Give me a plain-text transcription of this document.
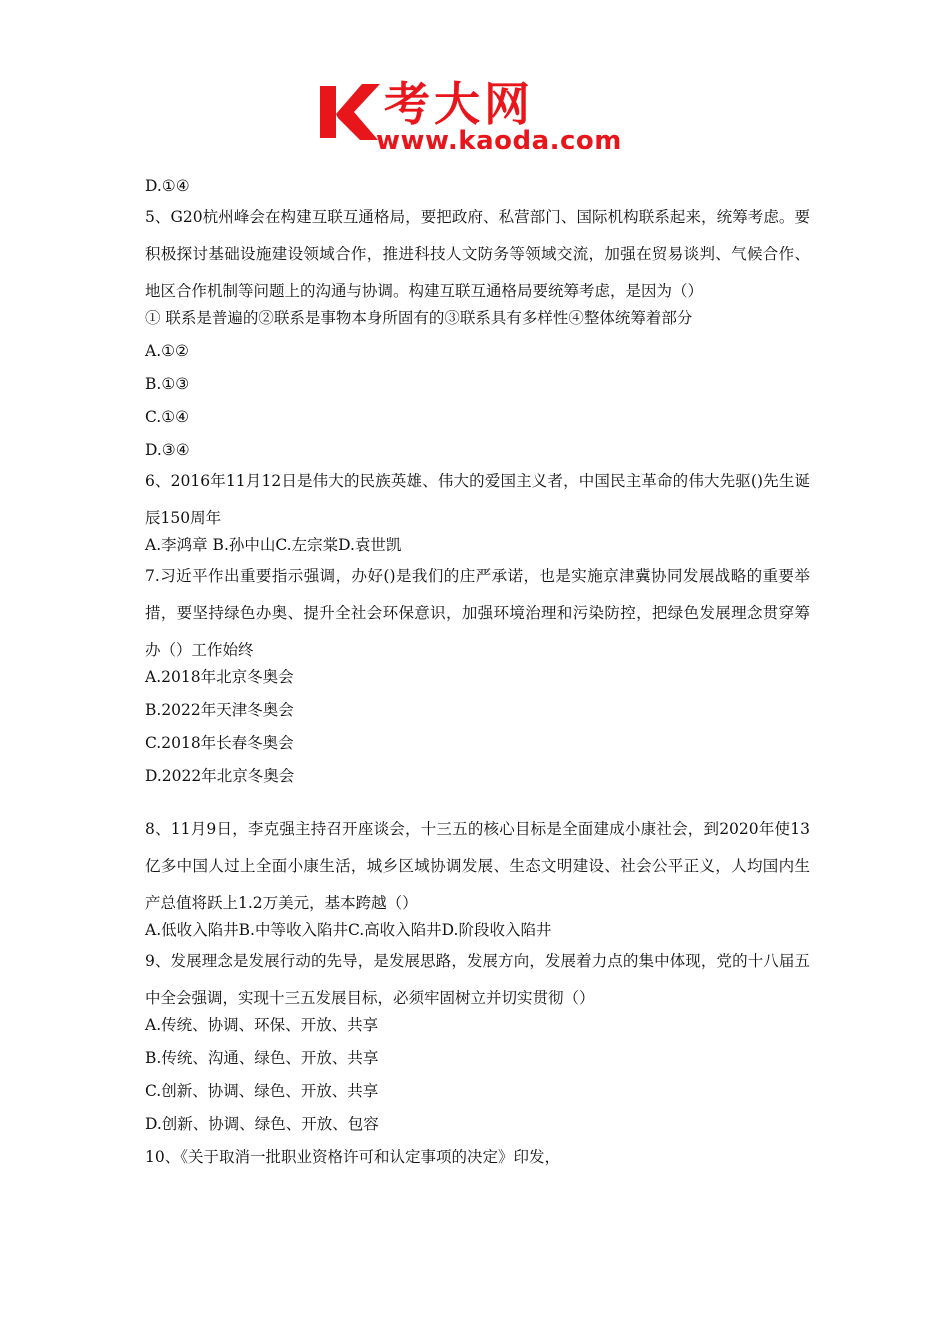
考大网
www.kaoda.com
D.①④
5、G20杭州峰会在构建互联互通格局，要把政府、私营部门、国际机构联系起来，统筹考虑。要积极探讨基础设施建设领域合作，推进科技人文防务等领域交流，加强在贸易谈判、气候合作、地区合作机制等问题上的沟通与协调。构建互联互通格局要统筹考虑，是因为（）
① 联系是普遍的②联系是事物本身所固有的③联系具有多样性④整体统筹着部分
A.①②
B.①③
C.①④
D.③④
6、2016年11月12日是伟大的民族英雄、伟大的爱国主义者，中国民主革命的伟大先驱()先生诞辰150周年
A.李鸿章 B.孙中山C.左宗棠D.袁世凯
7.习近平作出重要指示强调，办好()是我们的庄严承诺，也是实施京津冀协同发展战略的重要举措，要坚持绿色办奥、提升全社会环保意识，加强环境治理和污染防控，把绿色发展理念贯穿筹办（）工作始终
A.2018年北京冬奥会
B.2022年天津冬奥会
C.2018年长春冬奥会
D.2022年北京冬奥会
8、11月9日，李克强主持召开座谈会，十三五的核心目标是全面建成小康社会，到2020年使13亿多中国人过上全面小康生活，城乡区域协调发展、生态文明建设、社会公平正义，人均国内生产总值将跃上1.2万美元，基本跨越（）
A.低收入陷井B.中等收入陷井C.高收入陷井D.阶段收入陷井
9、发展理念是发展行动的先导，是发展思路，发展方向，发展着力点的集中体现，党的十八届五中全会强调，实现十三五发展目标，必须牢固树立并切实贯彻（）
A.传统、协调、环保、开放、共享
B.传统、沟通、绿色、开放、共享
C.创新、协调、绿色、开放、共享
D.创新、协调、绿色、开放、包容
10、《关于取消一批职业资格许可和认定事项的决定》印发，
